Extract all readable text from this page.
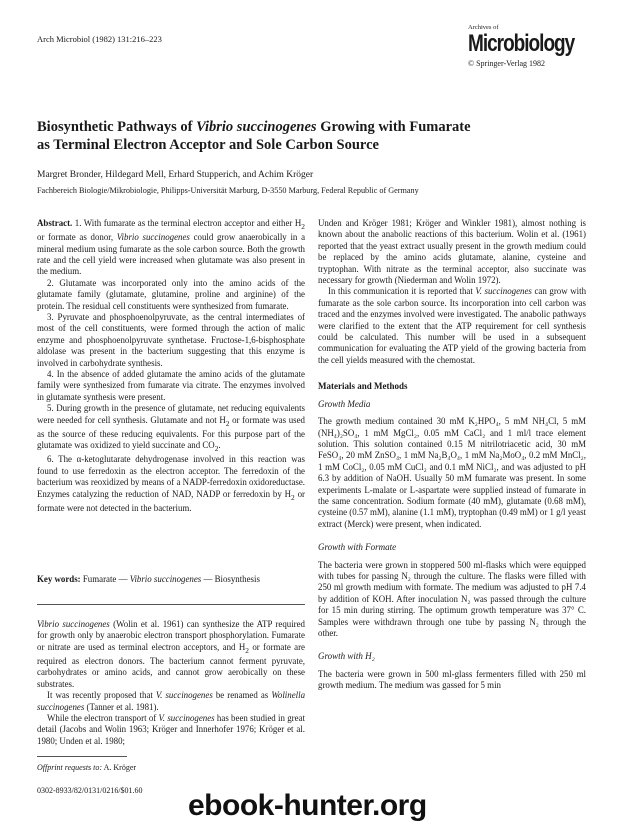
Arch Microbiol (1982) 131:216–223
Archives of
Microbiology
© Springer-Verlag 1982
Biosynthetic Pathways of Vibrio succinogenes Growing with Fumarate
as Terminal Electron Acceptor and Sole Carbon Source
Margret Bronder, Hildegard Mell, Erhard Stupperich, and Achim Kröger
Fachbereich Biologie/Mikrobiologie, Philipps-Universität Marburg, D-3550 Marburg, Federal Republic of Germany

Abstract. 1. With fumarate as the terminal electron acceptor and either $H_2$ or formate as donor, Vibrio succinogenes could grow anaerobically in a mineral medium using fumarate as the sole carbon source. Both the growth rate and the cell yield were increased when glutamate was also present in the medium.

2. Glutamate was incorporated only into the amino acids of the glutamate family (glutamate, glutamine, proline and arginine) of the protein. The residual cell constituents were synthesized from fumarate.

3. Pyruvate and phosphoenolpyruvate, as the central intermediates of most of the cell constituents, were formed through the action of malic enzyme and phosphoenolpyruvate synthetase. Fructose-1,6-bisphosphate aldolase was present in the bacterium suggesting that this enzyme is involved in carbohydrate synthesis.

4. In the absence of added glutamate the amino acids of the glutamate family were synthesized from fumarate via citrate. The enzymes involved in glutamate synthesis were present.

5. During growth in the presence of glutamate, net reducing equivalents were needed for cell synthesis. Glutamate and not $H_2$ or formate was used as the source of these reducing equivalents. For this purpose part of the glutamate was oxidized to yield succinate and $CO_2$.

6. The α-ketoglutarate dehydrogenase involved in this reaction was found to use ferredoxin as the electron acceptor. The ferredoxin of the bacterium was reoxidized by means of a NADP-ferredoxin oxidoreductase. Enzymes catalyzing the reduction of NAD, NADP or ferredoxin by $H_2$ or formate were not detected in the bacterium.

Key words: Fumarate — Vibrio succinogenes — Biosynthesis

Vibrio succinogenes (Wolin et al. 1961) can synthesize the ATP required for growth only by anaerobic electron transport phosphorylation. Fumarate or nitrate are used as terminal electron acceptors, and $H_2$ or formate are required as electron donors. The bacterium cannot ferment pyruvate, carbohydrates or amino acids, and cannot grow aerobically on these substrates.

It was recently proposed that V. succinogenes be renamed as Wolinella succinogenes (Tanner et al. 1981).

While the electron transport of V. succinogenes has been studied in great detail (Jacobs and Wolin 1963; Kröger and Innerhofer 1976; Kröger et al. 1980; Unden et al. 1980;

Offprint requests to: A. Kröger
0302-8933/82/0131/0216/$01.60

Unden and Kröger 1981; Kröger and Winkler 1981), almost nothing is known about the anabolic reactions of this bacterium. Wolin et al. (1961) reported that the yeast extract usually present in the growth medium could be replaced by the amino acids glutamate, alanine, cysteine and tryptophan. With nitrate as the terminal acceptor, also succinate was necessary for growth (Niederman and Wolin 1972).

In this communication it is reported that V. succinogenes can grow with fumarate as the sole carbon source. Its incorporation into cell carbon was traced and the enzymes involved were investigated. The anabolic pathways were clarified to the extent that the ATP requirement for cell synthesis could be calculated. This number will be used in a subsequent communication for evaluating the ATP yield of the growing bacteria from the cell yields measured with the chemostat.

Materials and Methods

Growth Media

The growth medium contained 30 mM K₂HPO₄, 5 mM NH₄Cl, 5 mM (NH₄)₂SO₄, 1 mM MgCl₂, 0.05 mM CaCl₂ and 1 ml/l trace element solution. This solution contained 0.15 M nitrilotriacetic acid, 30 mM FeSO₄, 20 mM ZnSO₄, 1 mM Na₂B₄O₄, 1 mM Na₂MoO₄, 0.2 mM MnCl₂, 1 mM CoCl₂, 0.05 mM CuCl₂ and 0.1 mM NiCl₂, and was adjusted to pH 6.3 by addition of NaOH. Usually 50 mM fumarate was present. In some experiments L-malate or L-aspartate were supplied instead of fumarate in the same concentration. Sodium formate (40 mM), glutamate (0.68 mM), cysteine (0.57 mM), alanine (1.1 mM), tryptophan (0.49 mM) or 1 g/l yeast extract (Merck) were present, when indicated.

Growth with Formate

The bacteria were grown in stoppered 500 ml-flasks which were equipped with tubes for passing N₂ through the culture. The flasks were filled with 250 ml growth medium with formate. The medium was adjusted to pH 7.4 by addition of KOH. After inoculation N₂ was passed through the culture for 15 min during stirring. The optimum growth temperature was 37° C. Samples were withdrawn through one tube by passing N₂ through the other.

Growth with H₂

The bacteria were grown in 500 ml-glass fermenters filled with 250 ml growth medium. The medium was gassed for 5 min

ebook-hunter.org
